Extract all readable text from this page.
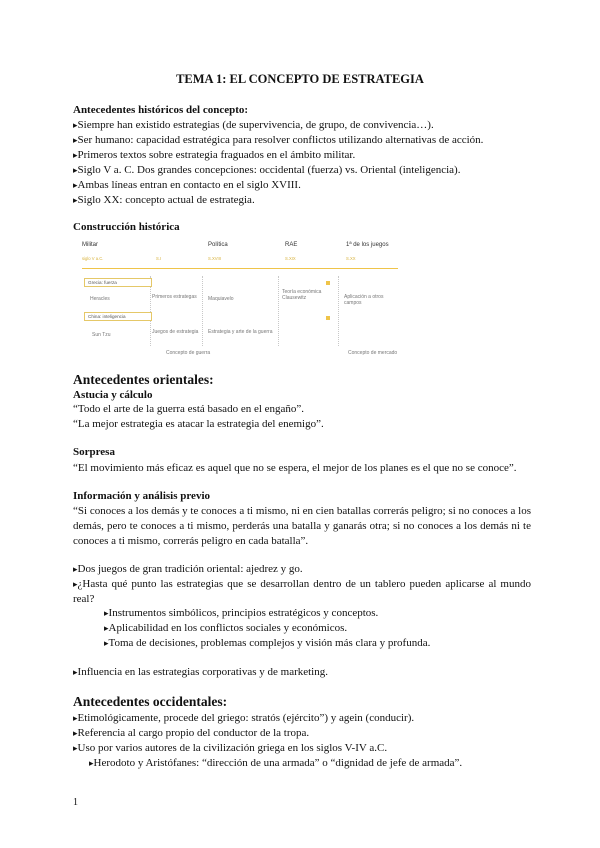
TEMA 1: EL CONCEPTO DE ESTRATEGIA
Antecedentes históricos del concepto:
▸ Siempre han existido estrategias (de supervivencia, de grupo, de convivencia…).
▸ Ser humano: capacidad estratégica para resolver conflictos utilizando alternativas de acción.
▸ Primeros textos sobre estrategia fraguados en el ámbito militar.
▸ Siglo V a. C. Dos grandes concepciones: occidental (fuerza) vs. Oriental (inteligencia).
▸ Ambas líneas entran en contacto en el siglo XVIII.
▸ Siglo XX: concepto actual de estrategia.
Construcción histórica
Militar	Política	RAE	1ª de los juegos
siglo V a.C.	S.I	S.XVIII	S.XIX	S.XX
Grecia: fuerza
Heracles
China: inteligencia
Sun Tzu
Primeros estrategas	Maquiavelo
Juegos de estrategia	Estrategia y arte de la guerra
Teoría económica Clausewitz	Aplicación a otros campos
Concepto de guerra	Concepto de mercado
Antecedentes orientales:
Astucia y cálculo
“Todo el arte de la guerra está basado en el engaño”.
“La mejor estrategia es atacar la estrategia del enemigo”.
Sorpresa
“El movimiento más eficaz es aquel que no se espera, el mejor de los planes es el que no se conoce”.
Información y análisis previo
“Si conoces a los demás y te conoces a ti mismo, ni en cien batallas correrás peligro; si no conoces a los demás, pero te conoces a ti mismo, perderás una batalla y ganarás otra; si no conoces a los demás ni te conoces a ti mismo, correrás peligro en cada batalla”.
▸ Dos juegos de gran tradición oriental: ajedrez y go.
▸ ¿Hasta qué punto las estrategias que se desarrollan dentro de un tablero pueden aplicarse al mundo real?
▸ Instrumentos simbólicos, principios estratégicos y conceptos.
▸ Aplicabilidad en los conflictos sociales y económicos.
▸ Toma de decisiones, problemas complejos y visión más clara y profunda.
▸ Influencia en las estrategias corporativas y de marketing.
Antecedentes occidentales:
▸ Etimológicamente, procede del griego: stratós (ejército”) y agein (conducir).
▸ Referencia al cargo propio del conductor de la tropa.
▸ Uso por varios autores de la civilización griega en los siglos V-IV a.C.
▸ Herodoto y Aristófanes: “dirección de una armada” o “dignidad de jefe de armada”.
1
